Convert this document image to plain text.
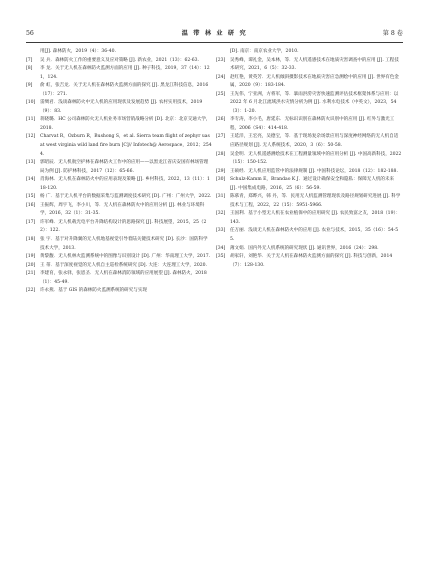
56	温 带 林 业 研 究	第 8 卷
用[J]. 森林防火，2019（4）：36-40.
[7]	吴 兵．森林防火工作的重要意义及应对策略 [J]. 新农业，2021（13）：62-63.
[8]	李 龙．关于无人机在森林防火监测方面的应用 [J]. 种子科技，2019，37（14）：121，124.
[9]	俞 虹，张吉龙．关于无人机在森林防火监测方面的探究 [J]. 黑龙江科技信息，2016（17）：271.
[10]	雷绸君．浅谈森林防火中无人机的应用现状及发展趋势 [J]. 农村实用技术，2019（9）：83.
[11]	蒋晓璐．HC 公司森林防火无人机业务市场营销战略分析 [D]. 北京：北京交通大学，2018.
[12]	Charvat R，Ozburn R，Bushong S，et al. Sierra team flight of zephyr uas at west virginia wild land fire burn [C]// Infotech@ Aerospace，2012；2544.
[13]	郭昭辰．无人机航空护林在森林防火工作中的应用——以黑龙江省庆安国有林场管理局为例 [J]. 防护林科技，2017（12）：65-66.
[14]	肖海林．无人机在森林防火中的应用表现及策略 [J]. 乡村科技，2022，13（11）：118-120.
[15]	杨 广．基于无人机平台的数据采集与监测调度技术研究 [D]. 广州：广州大学，2022.
[16]	王振辉，周宇飞，李小川，等．无人机在森林防火中的应用分析 [J]. 林业与环境科学，2016，32（1）：31-35.
[17]	许军峰．无人机载光电平台升降结构设计的思路探究 [J]. 科技展望，2015，25（22）：122.
[18]	张 宇．基于对升降翼的无人机地基视觉引导着陆关键技术研究 [D]. 长沙：国防科学技术大学，2013.
[19]	黄黎馥．无人机林火监测系统中的图像与识别设计 [D]. 广州：华南理工大学，2017.
[20]	王 蒂．基于深度视觉的无人机自主巡检系统研究 [D]. 大连：大连理工大学，2020.
[21]	李建育，张永驿，张恩圣．无人机在森林消防领域的应用展望 [J]. 森林防火，2018（1）：45-49.
[22]	许永燕．基于 GIS 的森林防火监测系统的研究与实现
[D]. 南京：南京农业大学，2010.
[23]	吴秀峰，谭礼金，吴本林，等．无人机遥感技术在地质灾害调查中的应用 [J]. 工程技术研究，2021，6（5）：32-33.
[24]	赵红艳，黄英芳．无人机倾斜摄影技术在地质灾害应急测绘中的应用 [J]. 世界有色金属，2020（9）：183-184.
[25]	王先伟，宁亚洲，方将军，等．暴雨洪涝灾害快速监测评估技术框架体系与应用：以 2022 年 6 月北江流域洪水灾情分析为例 [J]. 水利水电技术（中英文），2023，54（3）：1-20.
[26]	李专涛，李小毛，唐延东．无标识识别在森林防火识别中的应用 [J]. 红外与激光工程，2006（S4）：414-418.
[27]	王延洋，王宏亮，吴德宝，等．基于现场复杂场景应用与深度神经网络的无人机自适应路径规划 [J]. 无人系统技术，2020，3（6）：50-58.
[28]	吴金明．无人机遥感测绘技术在工程测量领域中的应用分析 [J]. 中国高新科技，2022（15）：150-152.
[29]	王硕经．无人机应用监管中的法律规制 [J]. 中国科技论坛，2018（12）：182-188.
[30]	Schulz-Kamm E，Brandao K J．通过设计确保安全和隐私：保障无人机的未来 [J]. 中国集成电路，2016，25（6）：56-59.
[31]	陈慕青，郑晔兴，韩 丹，等．民用无人机监测管理现状及路径规划研究进展 [J]. 科学技术与工程，2022，22（15）：5951-5966.
[32]	王国利．基于小型无人机在农业植保中的应用研究 [J]. 农民致富之友，2018（19）：143.
[33]	任万丽．浅谈无人机在森林防火中的应用 [J]. 农业与技术，2015，35（16）：54-55.
[34]	薄文娟．国内外无人机系统的研究现状 [J]. 通讯世界，2016（24）：298.
[35]	胡家轩，刘艳华．关于无人机在森林防火监测方面的探究 [J]. 科技与创新，2014（7）：128-130.
